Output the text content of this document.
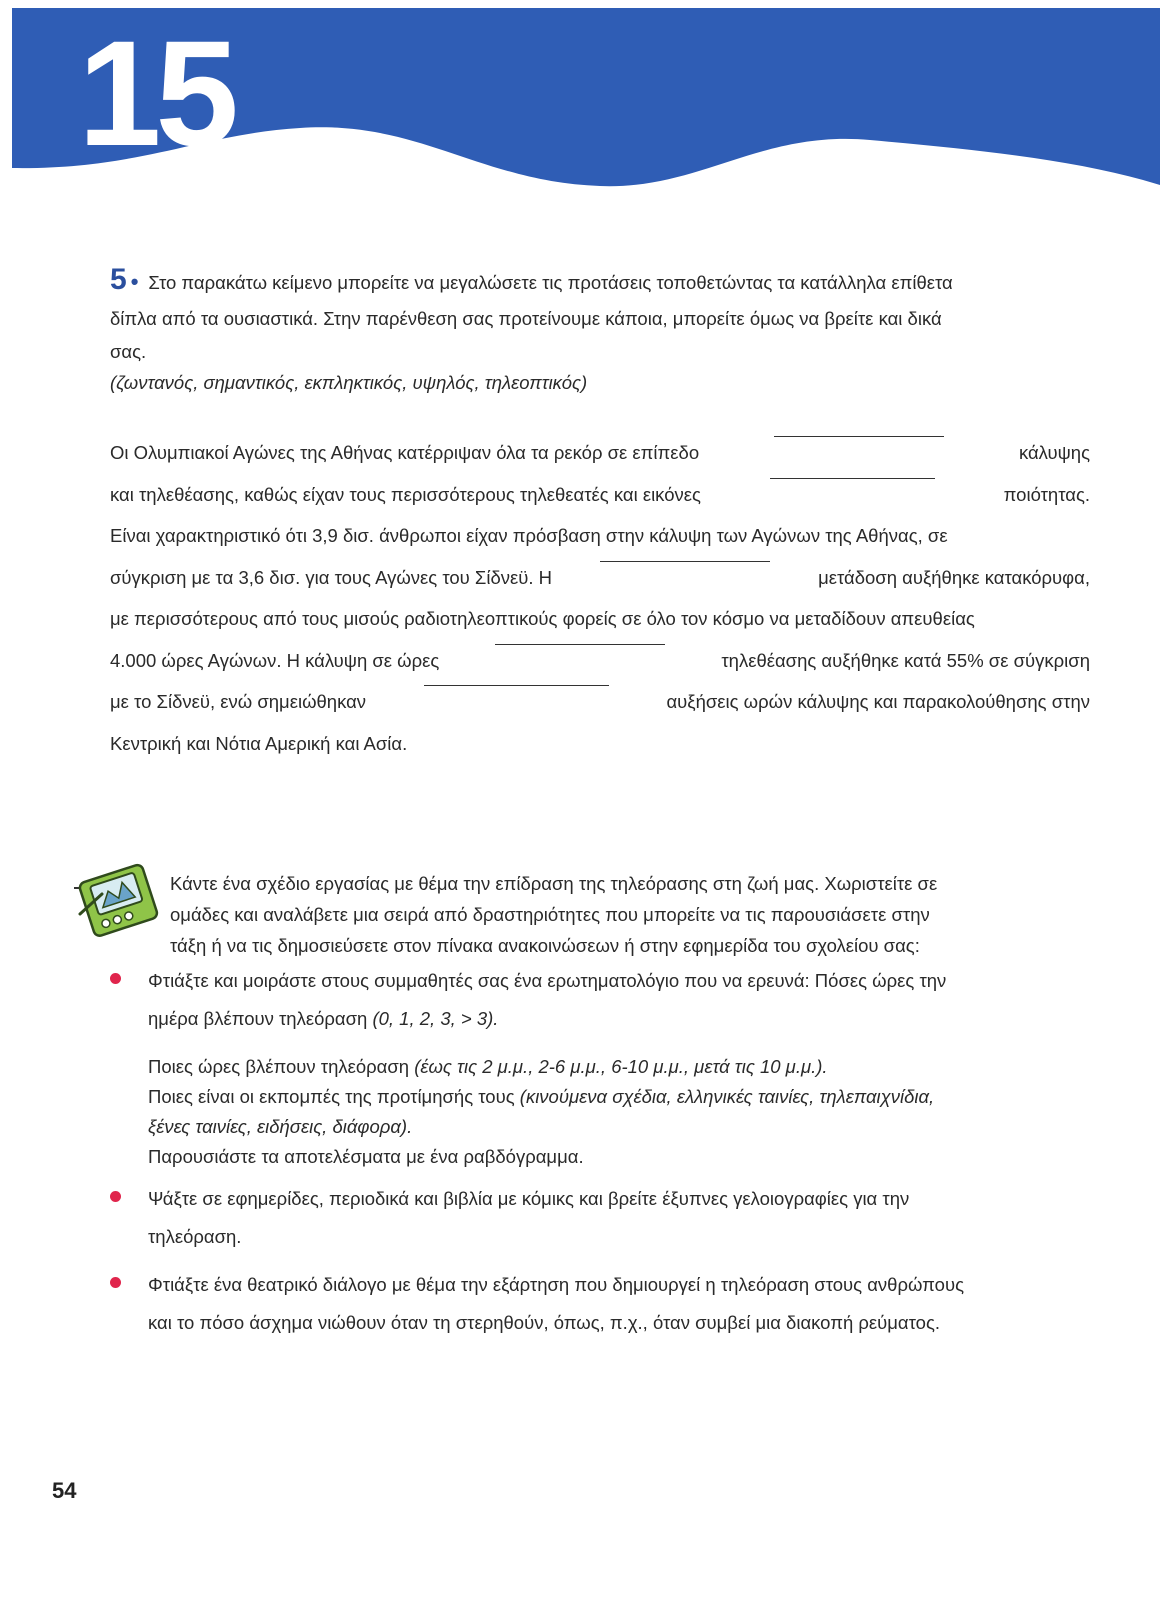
15
5 • Στο παρακάτω κείμενο μπορείτε να μεγαλώσετε τις προτάσεις τοποθετώντας τα κατάλληλα επίθετα
δίπλα από τα ουσιαστικά. Στην παρένθεση σας προτείνουμε κάποια, μπορείτε όμως να βρείτε και δικά
σας.
(ζωντανός, σημαντικός, εκπληκτικός, υψηλός, τηλεοπτικός)
Οι Ολυμπιακοί Αγώνες της Αθήνας κατέρριψαν όλα τα ρεκόρ σε επίπεδο	κάλυψης
και τηλεθέασης, καθώς είχαν τους περισσότερους τηλεθεατές και εικόνες	ποιότητας.
Είναι χαρακτηριστικό ότι 3,9 δισ. άνθρωποι είχαν πρόσβαση στην κάλυψη των Αγώνων της Αθήνας, σε
σύγκριση με τα 3,6 δισ. για τους Αγώνες του Σίδνεϋ. Η	μετάδοση αυξήθηκε κατακόρυφα,
με περισσότερους από τους μισούς ραδιοτηλεοπτικούς φορείς σε όλο τον κόσμο να μεταδίδουν απευθείας
4.000 ώρες Αγώνων. Η κάλυψη σε ώρες	τηλεθέασης αυξήθηκε κατά 55% σε σύγκριση
με το Σίδνεϋ, ενώ σημειώθηκαν	αυξήσεις ωρών κάλυψης και παρακολούθησης στην
Κεντρική και Νότια Αμερική και Ασία.
Κάντε ένα σχέδιο εργασίας με θέμα την επίδραση της τηλεόρασης στη ζωή μας. Χωριστείτε σε
ομάδες και αναλάβετε μια σειρά από δραστηριότητες που μπορείτε να τις παρουσιάσετε στην
τάξη ή να τις δημοσιεύσετε στον πίνακα ανακοινώσεων ή στην εφημερίδα του σχολείου σας:
Φτιάξτε και μοιράστε στους συμμαθητές σας ένα ερωτηματολόγιο που να ερευνά: Πόσες ώρες την
ημέρα βλέπουν τηλεόραση (0, 1, 2, 3, > 3).
Ποιες ώρες βλέπουν τηλεόραση (έως τις 2 μ.μ., 2-6 μ.μ., 6-10 μ.μ., μετά τις 10 μ.μ.).
Ποιες είναι οι εκπομπές της προτίμησής τους (κινούμενα σχέδια, ελληνικές ταινίες, τηλεπαιχνίδια,
ξένες ταινίες, ειδήσεις, διάφορα).
Παρουσιάστε τα αποτελέσματα με ένα ραβδόγραμμα.
Ψάξτε σε εφημερίδες, περιοδικά και βιβλία με κόμικς και βρείτε έξυπνες γελοιογραφίες για την
τηλεόραση.
Φτιάξτε ένα θεατρικό διάλογο με θέμα την εξάρτηση που δημιουργεί η τηλεόραση στους ανθρώπους
και το πόσο άσχημα νιώθουν όταν τη στερηθούν, όπως, π.χ., όταν συμβεί μια διακοπή ρεύματος.
54
